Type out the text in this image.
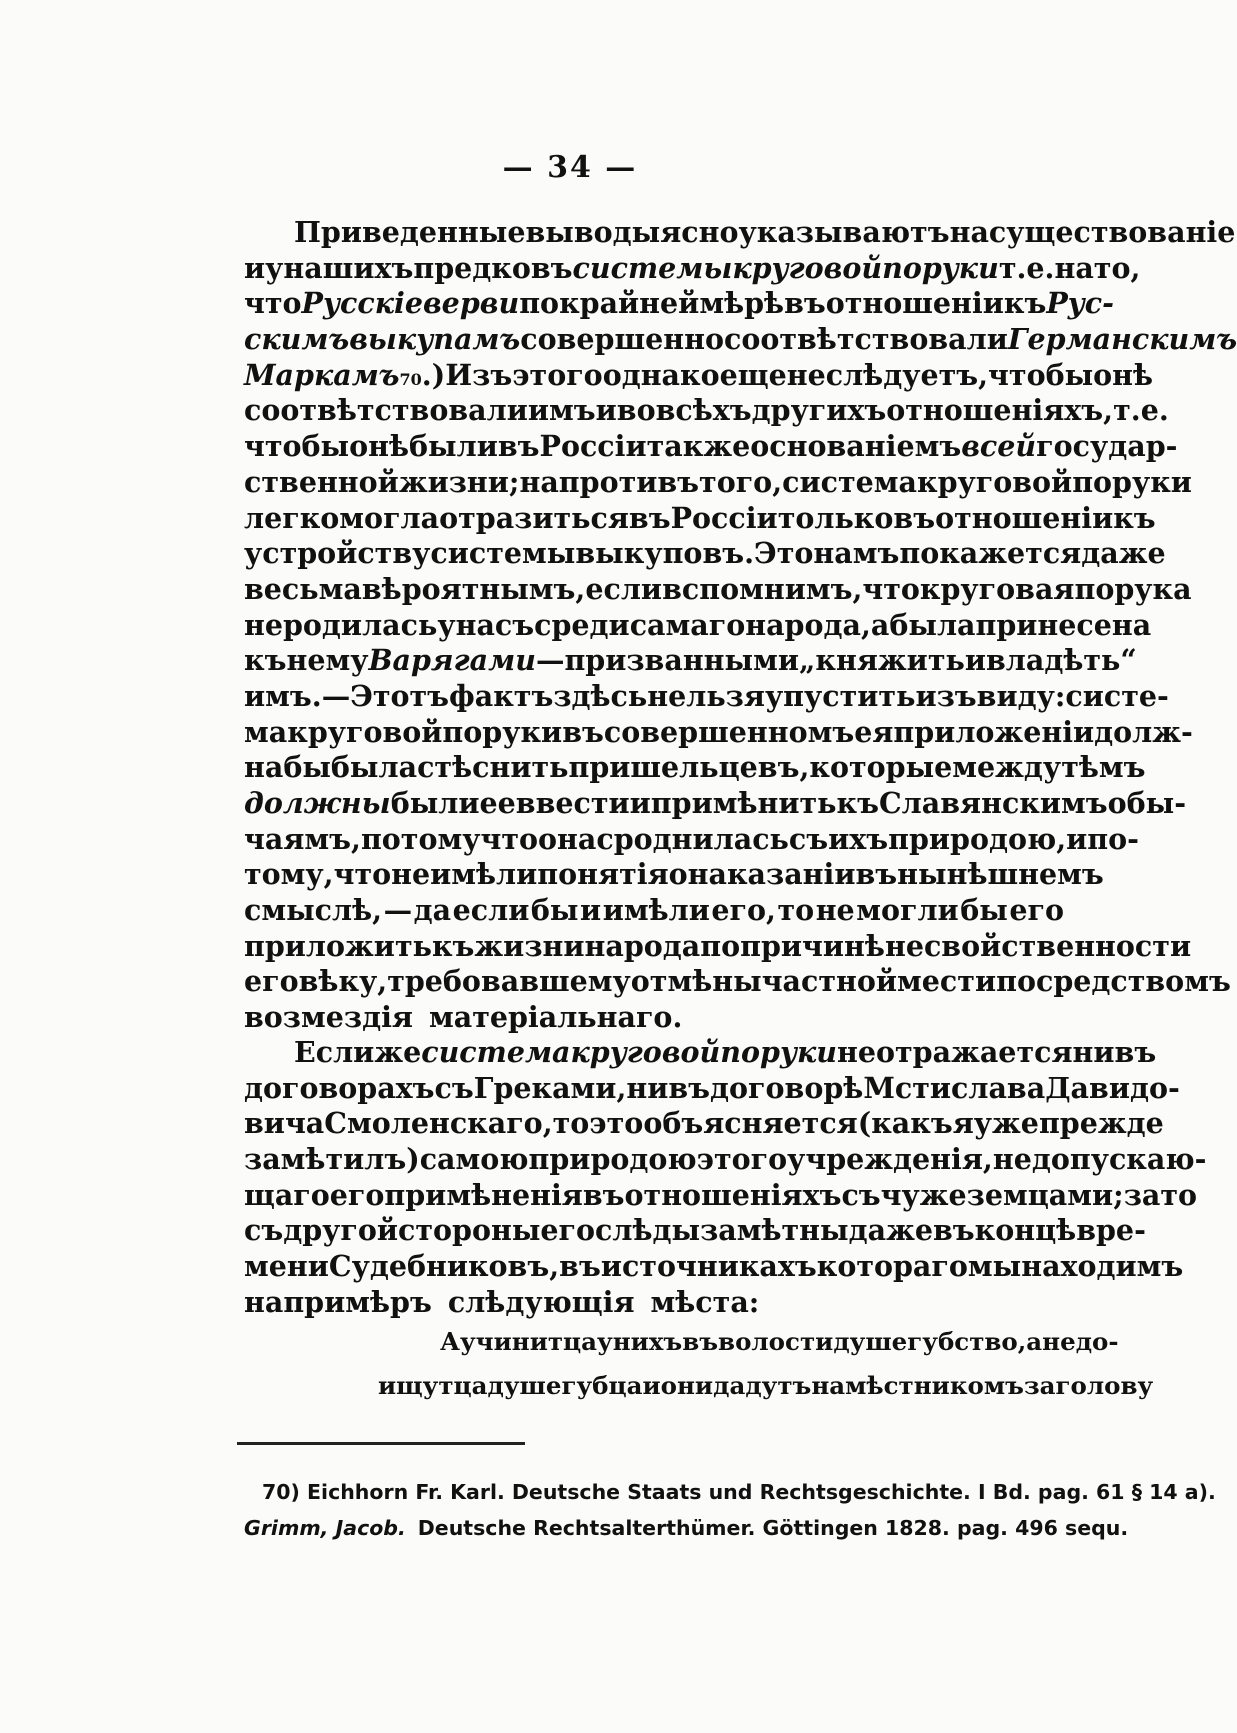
— 34 —
Приведенные выводы ясно указываютъ на существованіе
и у нашихъ предковъ системы круговой поруки т. е. на то,
что Русскіе верви по крайней мѣрѣ въ отношеніи къ Рус-
скимъ выкупамъ совершенно соотвѣтствовали Германскимъ
Маркамъ 70 .) Изъ этого однако еще не слѣдуетъ, чтобы онѣ
соотвѣтствовали имъ и во всѣхъ другихъ отношеніяхъ, т. е.
чтобы онѣ были въ Россіи также основаніемъ всей государ-
ственной жизни; напротивъ того, система круговой поруки
легко могла отразиться въ Россіи только въ отношеніи къ
устройству системы выкуповъ. Это намъ покажется даже
весьма вѣроятнымъ, если вспомнимъ, что круговая порука
не родилась у насъ среди самаго народа, а была принесена
къ нему Варягами — призванными „княжить и владѣть“
имъ. — Этотъ фактъ здѣсь нельзя упустить изъ виду: систе-
ма круговой поруки въ совершенномъ ея приложеніи долж-
на бы была стѣснить пришельцевъ, которые между тѣмъ
должны были ее ввести и примѣнить къ Славянскимъ обы-
чаямъ, потому что она сроднилась съ ихъ природою, и по-
тому, что не имѣли понятія о наказаніи въ нынѣшнемъ
смыслѣ, — да если бы и имѣли его, то не могли бы его
приложить къ жизни народа по причинѣ несвойственности
его вѣку, требовавшему отмѣны частной мести посредствомъ
возмездія матеріальнаго.
Если же система круговой поруки не отражается ни въ
договорахъ съ Греками, ни въ договорѣ Мстислава Давидо-
вича Смоленскаго, то это объясняется (какъ я уже прежде
замѣтилъ) самою природою этого учрежденія, не допускаю-
щаго его примѣненія въ отношеніяхъ съ чужеземцами; за то
съ другой стороны его слѣды замѣтны даже въ концѣ вре-
мени Судебниковъ, въ источникахъ котораго мы находимъ
напримѣръ слѣдующія мѣста:
А учинитца у нихъ въ волости душегубство, а не до-
ищутца душегубца и они дадутъ намѣстникомъ за голову
70) Eichhorn Fr. Karl. Deutsche Staats und Rechtsgeschichte. I Bd. pag. 61 § 14 a).
Grimm, Jacob. Deutsche Rechtsalterthümer. Göttingen 1828. pag. 496 sequ.
